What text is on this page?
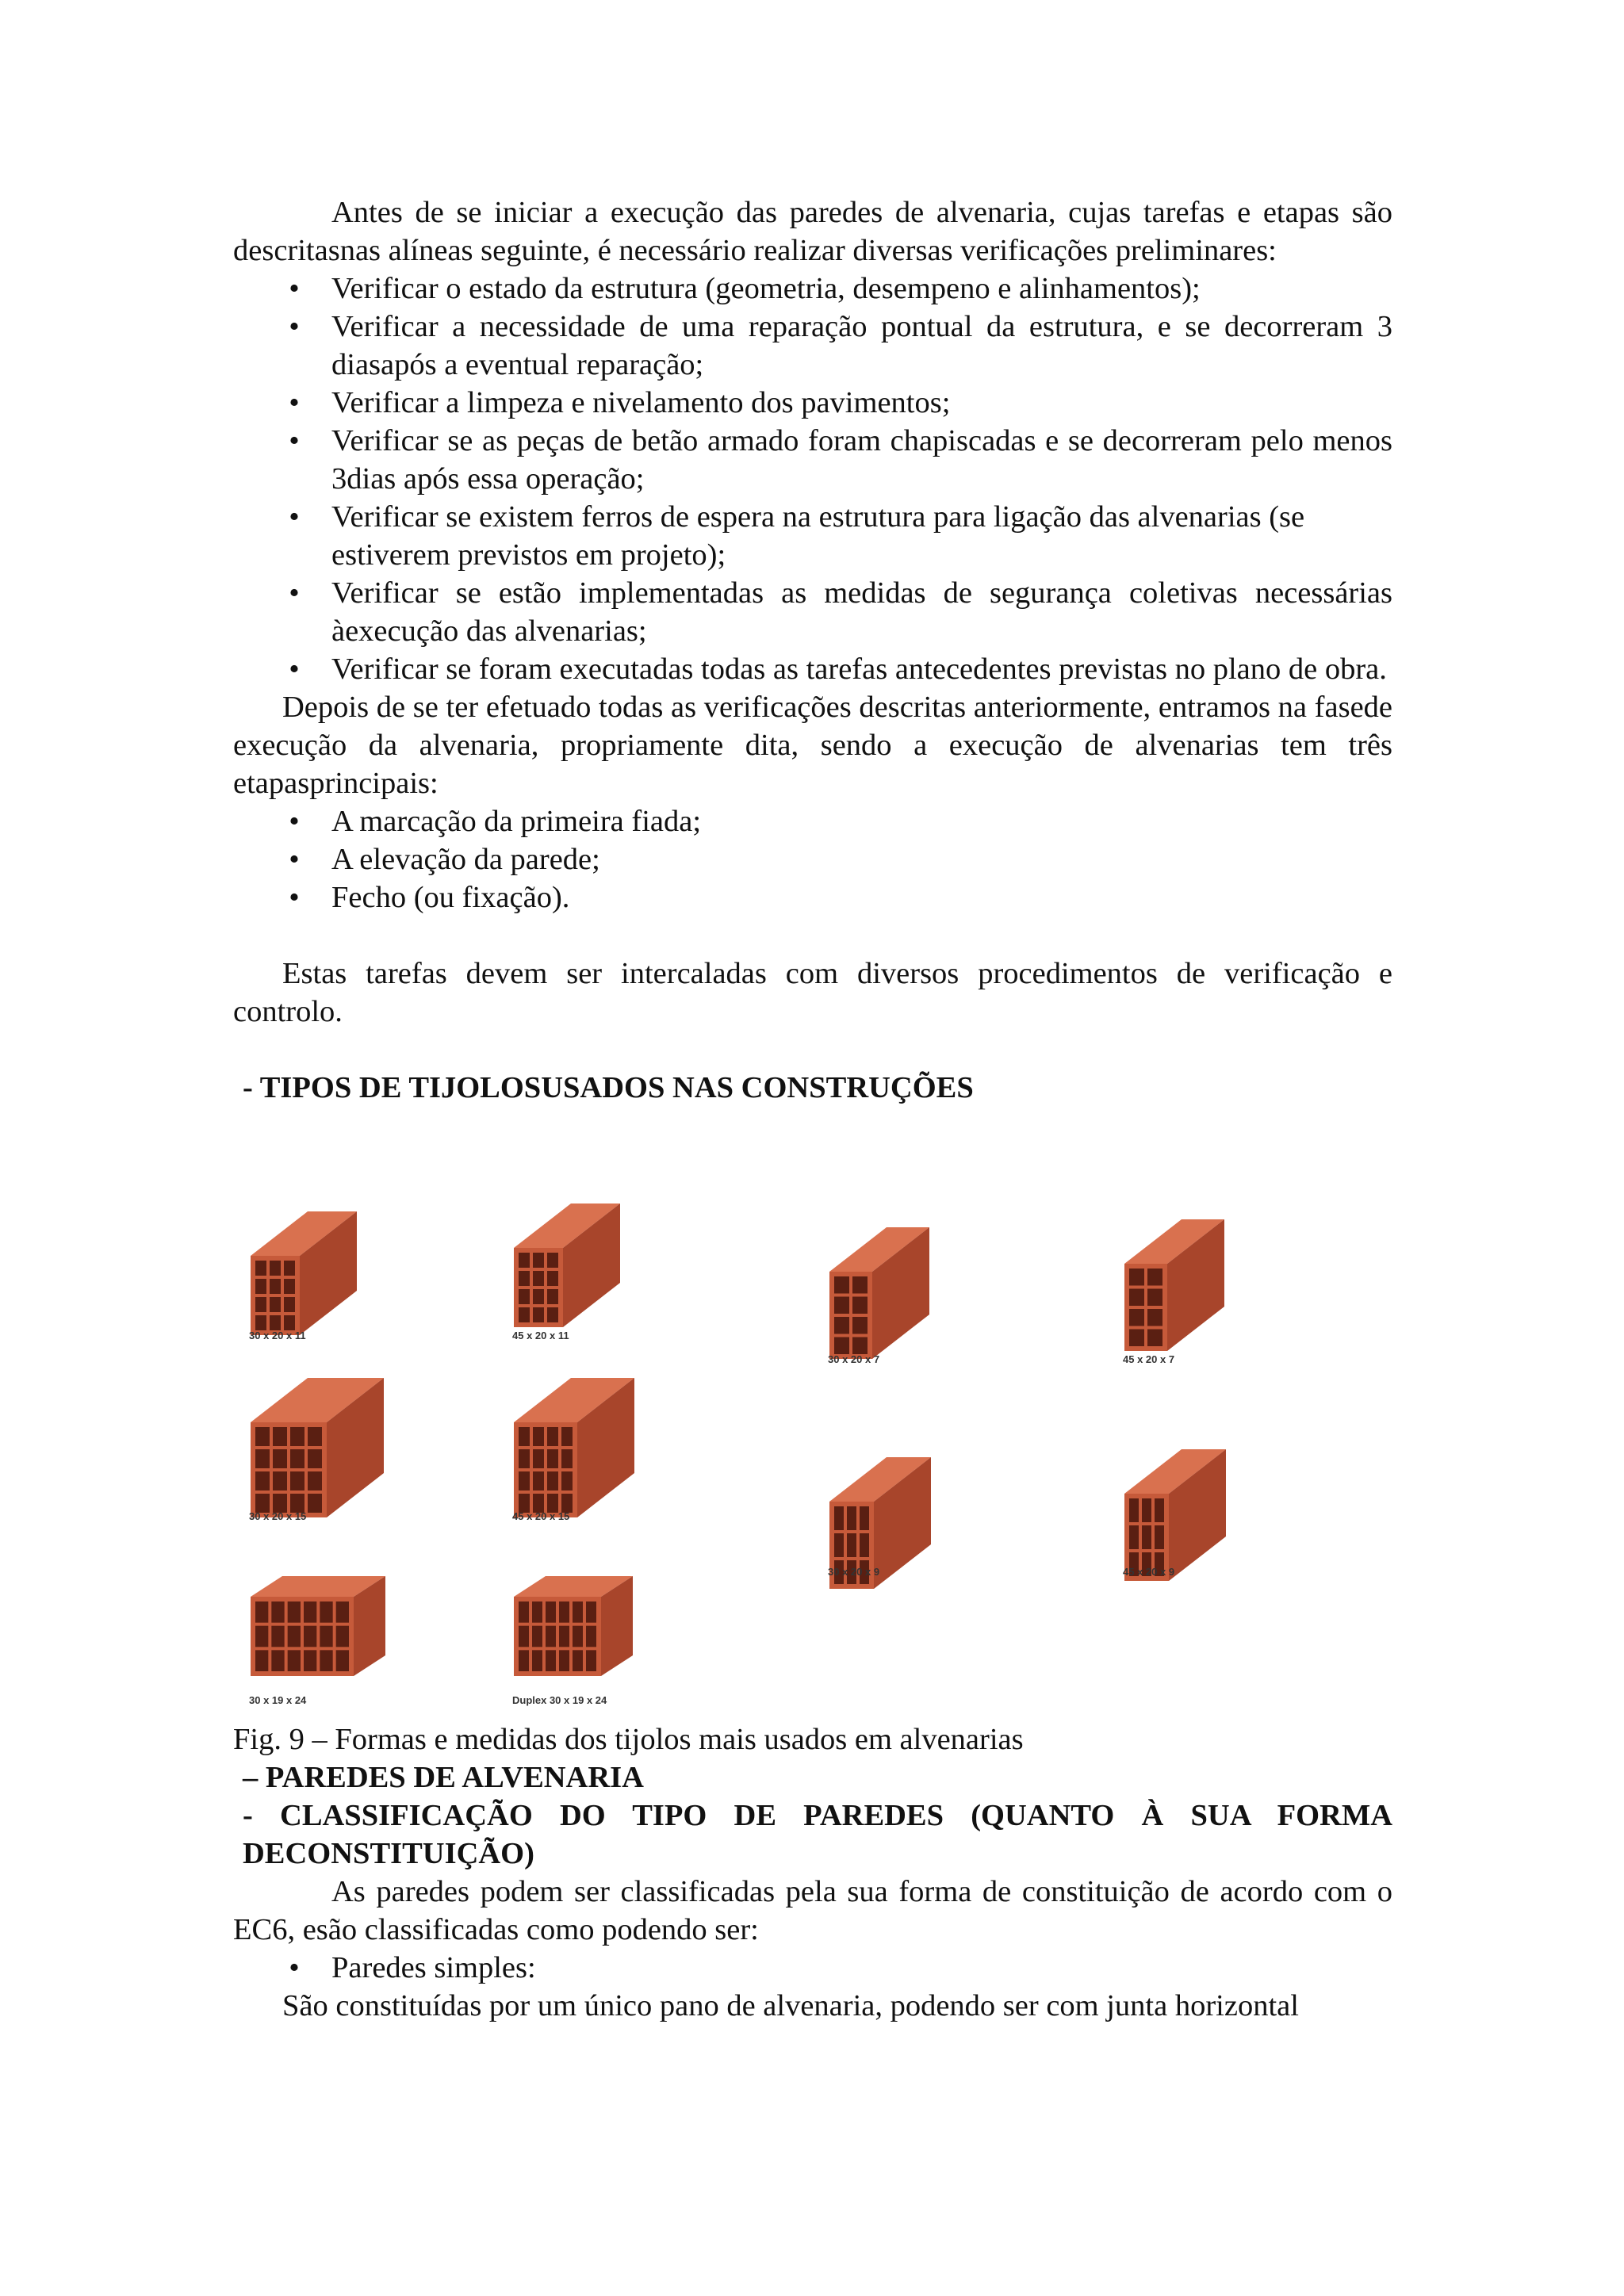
Antes de se iniciar a execução das paredes de alvenaria, cujas tarefas e etapas são descritasnas alíneas seguinte, é necessário realizar diversas verificações preliminares:

• Verificar o estado da estrutura (geometria, desempeno e alinhamentos);
• Verificar a necessidade de uma reparação pontual da estrutura, e se decorreram 3 diasapós a eventual reparação;
• Verificar a limpeza e nivelamento dos pavimentos;
• Verificar se as peças de betão armado foram chapiscadas e se decorreram pelo menos 3dias após essa operação;
• Verificar se existem ferros de espera na estrutura para ligação das alvenarias (se estiverem previstos em projeto);
• Verificar se estão implementadas as medidas de segurança coletivas necessárias àexecução das alvenarias;
• Verificar se foram executadas todas as tarefas antecedentes previstas no plano de obra.

Depois de se ter efetuado todas as verificações descritas anteriormente, entramos na fasede execução da alvenaria, propriamente dita, sendo a execução de alvenarias tem três etapasprincipais:

• A marcação da primeira fiada;
• A elevação da parede;
• Fecho (ou fixação).

Estas tarefas devem ser intercaladas com diversos procedimentos de verificação e controlo.

- TIPOS DE TIJOLOSUSADOS NAS CONSTRUÇÕES

30 x 20 x 11	45 x 20 x 11
30 x 20 x 7	45 x 20 x 7
30 x 20 x 15	45 x 20 x 15
30 x 20 x 9	45 x 20 x 9
30 x 19 x 24	Duplex 30 x 19 x 24

Fig. 9 – Formas e medidas dos tijolos mais usados em alvenarias

– PAREDES DE ALVENARIA

- CLASSIFICAÇÃO DO TIPO DE PAREDES (QUANTO À SUA FORMA DECONSTITUIÇÃO)

As paredes podem ser classificadas pela sua forma de constituição de acordo com o EC6, esão classificadas como podendo ser:

• Paredes simples:

São constituídas por um único pano de alvenaria, podendo ser com junta horizontal
